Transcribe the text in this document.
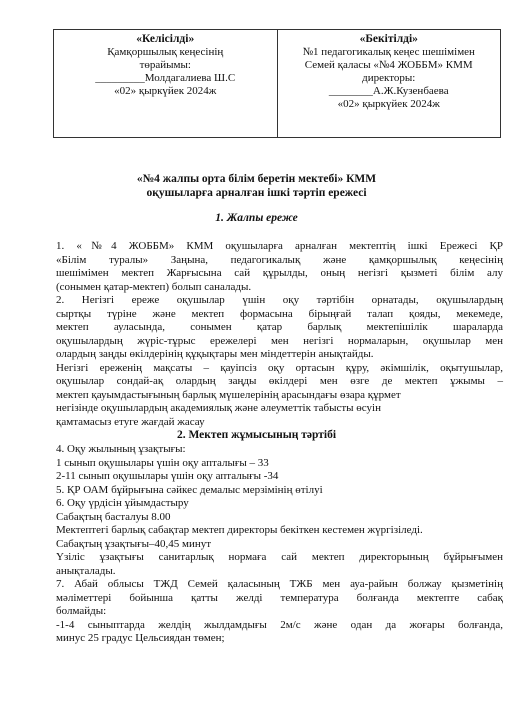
«Келісілді»
Қамқоршылық кеңесінің
төрайымы:
_________Молдагалиева Ш.С
«02» қыркүйек 2024ж
«Бекітілді»
№1 педагогикалық кеңес шешімімен
Семей қаласы «№4 ЖОББМ» КММ
директоры:
________А.Ж.Кузенбаева
«02» қыркүйек 2024ж
«№4 жалпы орта білім беретін мектебі» КММ
оқушыларға арналған ішкі тәртіп ережесі
1. Жалпы ереже
1. «№4 ЖОББМ» КММ оқушыларға арналған мектептің ішкі Ережесі ҚР
«Білім туралы» Заңына, педагогикалық және қамқоршылық кеңесінің
шешімімен мектеп Жарғысына сай құрылды, оның негізгі қызметі білім алу
(сонымен қатар-мектеп) болып саналады.
2. Негізгі ереже оқушылар үшін оқу тәртібін орнатады, оқушылардың
сыртқы түріне және мектеп формасына бірыңғай талап қояды, мекемеде,
мектеп ауласында, сонымен қатар барлық мектепішілік шараларда
оқушылардың жүріс-тұрыс ережелері мен негізгі нормаларын, оқушылар мен
олардың заңды өкілдерінің құқықтары мен міндеттерін анықтайды.
Негізгі ереженің мақсаты – қауіпсіз оқу ортасын құру, әкімшілік, оқытушылар,
оқушылар сондай-ақ олардың заңды өкілдері мен өзге де мектеп ұжымы –
мектеп қауымдастығының барлық мүшелерінің арасындағы өзара құрмет
негізінде оқушылардың академиялық және әлеуметтік табысты өсуін
қамтамасыз етуге жағдай жасау
2. Мектеп жұмысының тәртібі
4. Оқу жылының ұзақтығы:
1 сынып оқушылары үшін оқу апталығы – 33
2-11 сынып оқушылары үшін оқу апталығы -34
5. ҚР ОАМ бұйрығына сәйкес демалыс мерзімінің өтілуі
6. Оқу үрдісін ұйымдастыру
Сабақтың басталуы 8.00
Мектептегі барлық сабақтар мектеп директоры бекіткен кестемен жүргізіледі.
Сабақтың ұзақтығы–40,45 минут
Үзіліс ұзақтығы санитарлық нормаға сай мектеп директорының бұйрығымен
анықталады.
7. Абай облысы ТЖД Семей қаласының ТЖБ мен ауа-райын болжау қызметінің
мәліметтері бойынша қатты желді температура болғанда мектепте сабақ
болмайды:
-1-4 сыныптарда желдің жылдамдығы 2м/с және одан да жоғары болғанда,
минус 25 градус Цельсиядан төмен;
